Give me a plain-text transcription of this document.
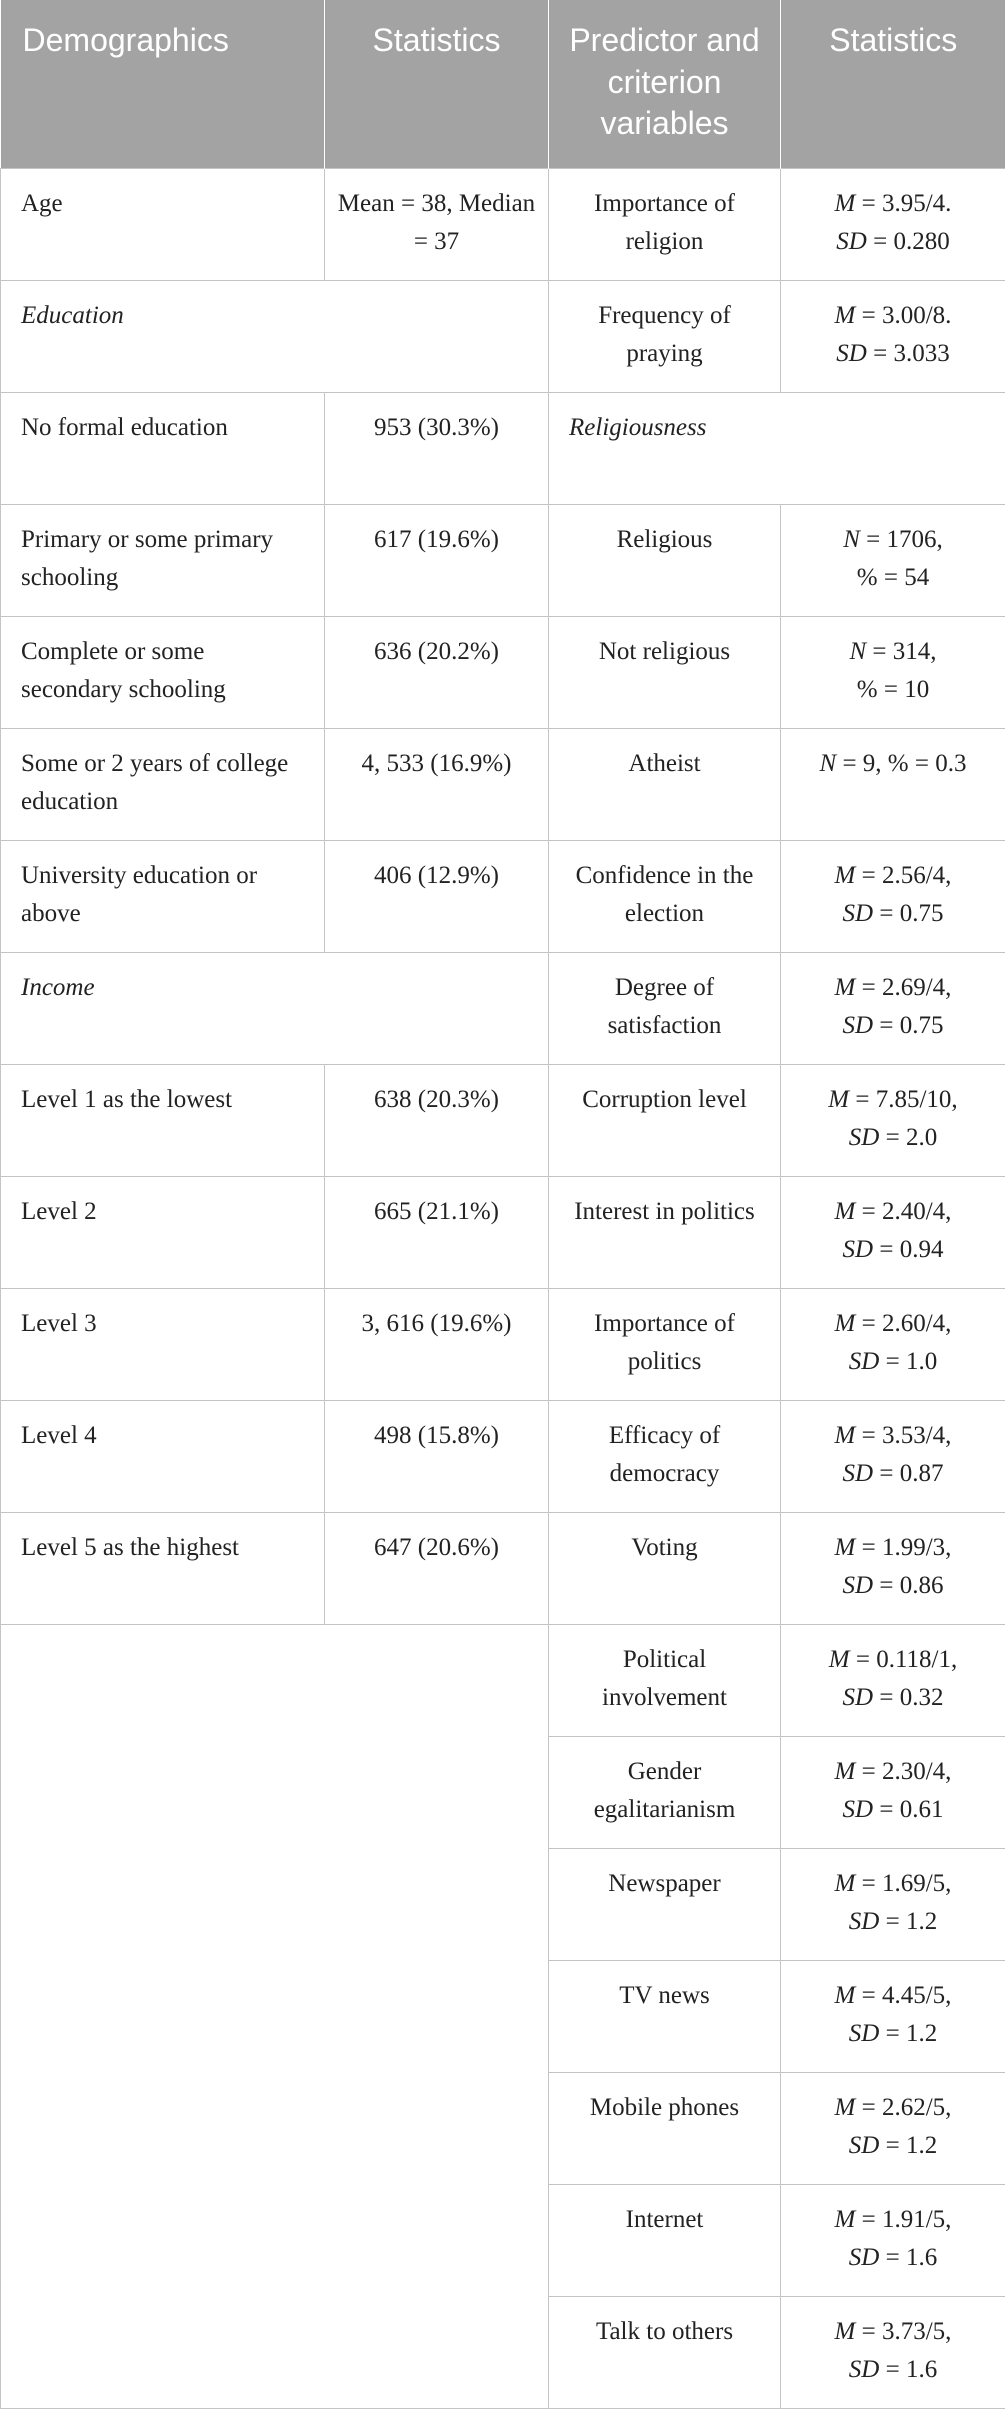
Demographics	Statistics	Predictor and criterion variables	Statistics
Age	Mean = 38, Median = 37	Importance of religion	M = 3.95/4.
SD = 0.280
Education		Frequency of praying	M = 3.00/8.
SD = 3.033
No formal education	953 (30.3%)	Religiousness	
Primary or some primary schooling	617 (19.6%)	Religious	N = 1706,
% = 54
Complete or some secondary schooling	636 (20.2%)	Not religious	N = 314,
% = 10
Some or 2 years of college education	4, 533 (16.9%)	Atheist	N = 9, % = 0.3
University education or above	406 (12.9%)	Confidence in the election	M = 2.56/4,
SD = 0.75
Income		Degree of satisfaction	M = 2.69/4,
SD = 0.75
Level 1 as the lowest	638 (20.3%)	Corruption level	M = 7.85/10,
SD = 2.0
Level 2	665 (21.1%)	Interest in politics	M = 2.40/4,
SD = 0.94
Level 3	3, 616 (19.6%)	Importance of politics	M = 2.60/4,
SD = 1.0
Level 4	498 (15.8%)	Efficacy of democracy	M = 3.53/4,
SD = 0.87
Level 5 as the highest	647 (20.6%)	Voting	M = 1.99/3,
SD = 0.86
		Political involvement	M = 0.118/1,
SD = 0.32
		Gender egalitarianism	M = 2.30/4,
SD = 0.61
		Newspaper	M = 1.69/5,
SD = 1.2
		TV news	M = 4.45/5,
SD = 1.2
		Mobile phones	M = 2.62/5,
SD = 1.2
		Internet	M = 1.91/5,
SD = 1.6
		Talk to others	M = 3.73/5,
SD = 1.6
